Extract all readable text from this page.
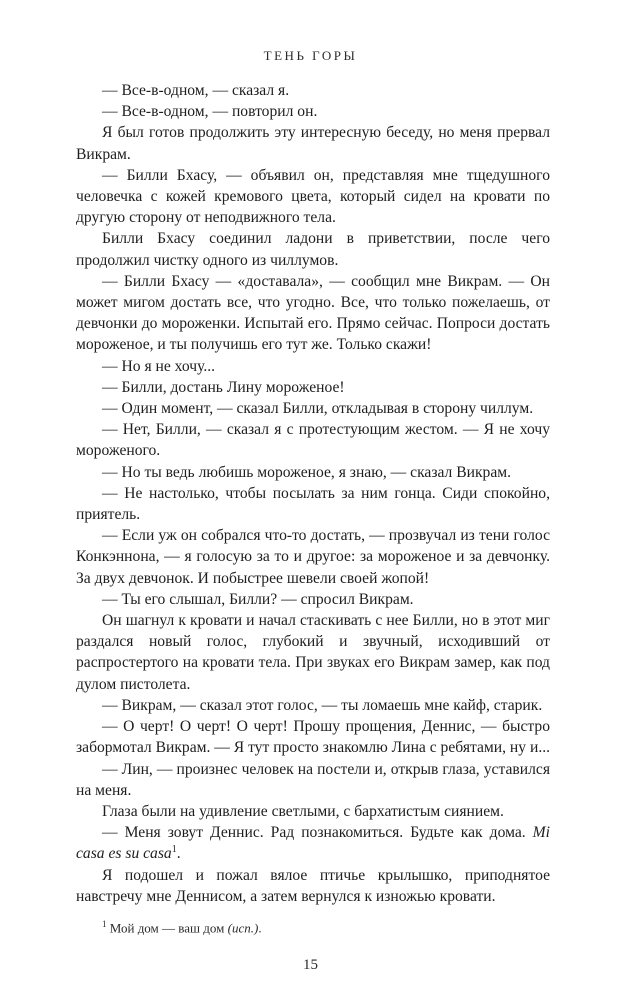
ТЕНЬ ГОРЫ

— Все-в-одном, — сказал я.

— Все-в-одном, — повторил он.

Я был готов продолжить эту интересную беседу, но меня прервал Викрам.

— Билли Бхасу, — объявил он, представляя мне тщедушного человечка с кожей кремового цвета, который сидел на кровати по другую сторону от неподвижного тела.

Билли Бхасу соединил ладони в приветствии, после чего продолжил чистку одного из чиллумов.

— Билли Бхасу — «доставала», — сообщил мне Викрам. — Он может мигом достать все, что угодно. Все, что только пожелаешь, от девчонки до мороженки. Испытай его. Прямо сейчас. Попроси достать мороженое, и ты получишь его тут же. Только скажи!

— Но я не хочу...

— Билли, достань Лину мороженое!

— Один момент, — сказал Билли, откладывая в сторону чиллум.

— Нет, Билли, — сказал я с протестующим жестом. — Я не хочу мороженого.

— Но ты ведь любишь мороженое, я знаю, — сказал Викрам.

— Не настолько, чтобы посылать за ним гонца. Сиди спокойно, приятель.

— Если уж он собрался что-то достать, — прозвучал из тени голос Конкэннона, — я голосую за то и другое: за мороженое и за девчонку. За двух девчонок. И побыстрее шевели своей жопой!

— Ты его слышал, Билли? — спросил Викрам.

Он шагнул к кровати и начал стаскивать с нее Билли, но в этот миг раздался новый голос, глубокий и звучный, исходивший от распростертого на кровати тела. При звуках его Викрам замер, как под дулом пистолета.

— Викрам, — сказал этот голос, — ты ломаешь мне кайф, старик.

— О черт! О черт! О черт! Прошу прощения, Деннис, — быстро забормотал Викрам. — Я тут просто знакомлю Лина с ребятами, ну и...

— Лин, — произнес человек на постели и, открыв глаза, уставился на меня.

Глаза были на удивление светлыми, с бархатистым сиянием.

— Меня зовут Деннис. Рад познакомиться. Будьте как дома. Mi casa es su casa$^1$.

Я подошел и пожал вялое птичье крылышко, приподнятое навстречу мне Деннисом, а затем вернулся к изножью кровати.

$^1$ Мой дом — ваш дом (исп.).

15
